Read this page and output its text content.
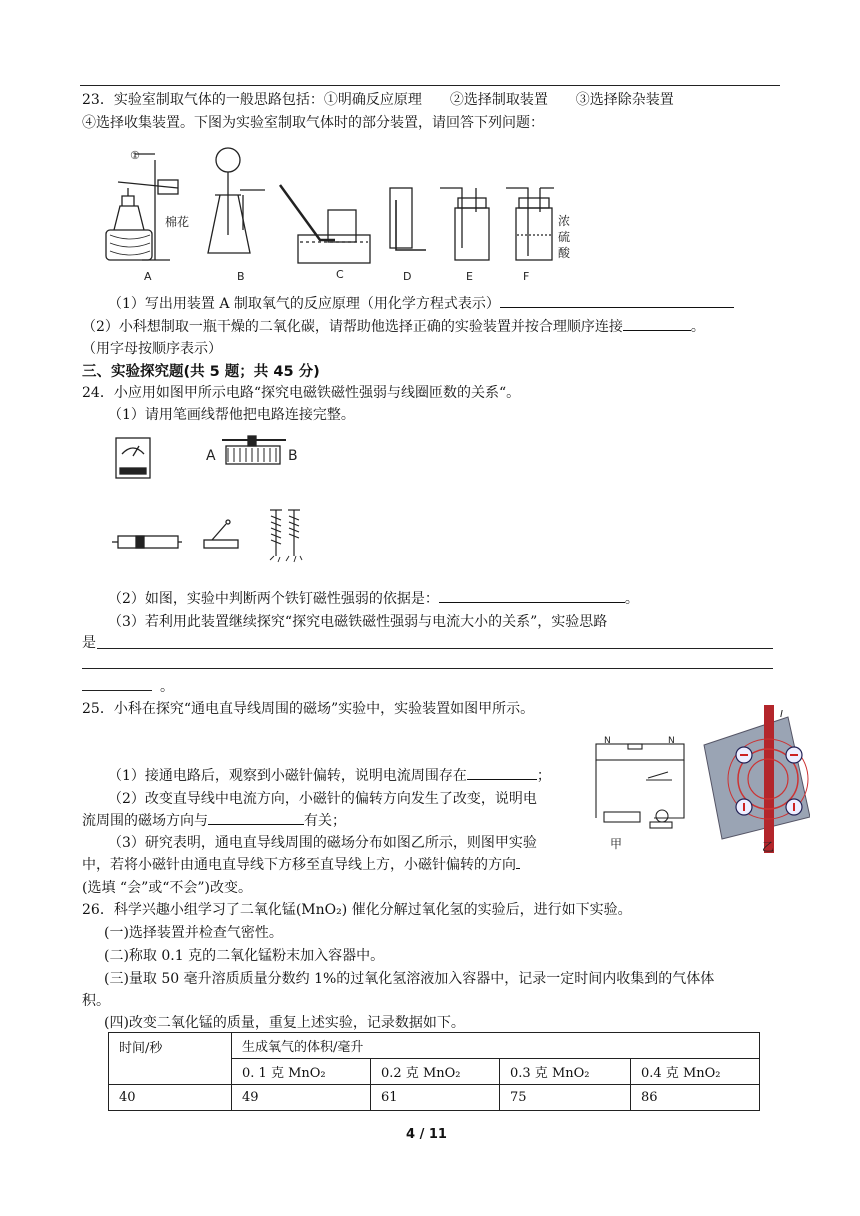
23．实验室制取气体的一般思路包括：①明确反应原理　　②选择制取装置　　③选择除杂装置
④选择收集装置。下图为实验室制取气体时的部分装置，请回答下列问题：
①
棉花	浓
硫
酸
A	B	C	D	E	F
（1）写出用装置 A 制取氧气的反应原理（用化学方程式表示）
（2）小科想制取一瓶干燥的二氧化碳，请帮助他选择正确的实验装置并按合理顺序连接	。
（用字母按顺序表示）
三、实验探究题(共 5 题；共 45 分)
24．小应用如图甲所示电路“探究电磁铁磁性强弱与线圈匝数的关系“。
（1）请用笔画线帮他把电路连接完整。
A	B
（2）如图，实验中判断两个铁钉磁性强弱的依据是：	。
（3）若利用此装置继续探究“探究电磁铁磁性强弱与电流大小的关系”，实验思路
是
。
25．小科在探究“通电直导线周围的磁场”实验中，实验装置如图甲所示。
N	N
甲
I
乙
（1）接通电路后，观察到小磁针偏转，说明电流周围存在	；
（2）改变直导线中电流方向，小磁针的偏转方向发生了改变，说明电
流周围的磁场方向与	有关；
（3）研究表明，通电直导线周围的磁场分布如图乙所示，则图甲实验
中，若将小磁针由通电直导线下方移至直导线上方，小磁针偏转的方向
(选填 “会”或“不会”)改变。
26．科学兴趣小组学习了二氧化锰(MnO₂) 催化分解过氧化氢的实验后，进行如下实验。
(一)选择装置并检查气密性。
(二)称取 0.1 克的二氧化锰粉末加入容器中。
(三)量取 50 毫升溶质质量分数约 1%的过氧化氢溶液加入容器中，记录一定时间内收集到的气体体
积。
(四)改变二氧化锰的质量，重复上述实验，记录数据如下。
时间/秒	生成氧气的体积/毫升			
	0. 1 克 MnO₂	0.2 克 MnO₂	0.3 克 MnO₂	0.4 克 MnO₂
40	49	61	75	86
4 / 11
